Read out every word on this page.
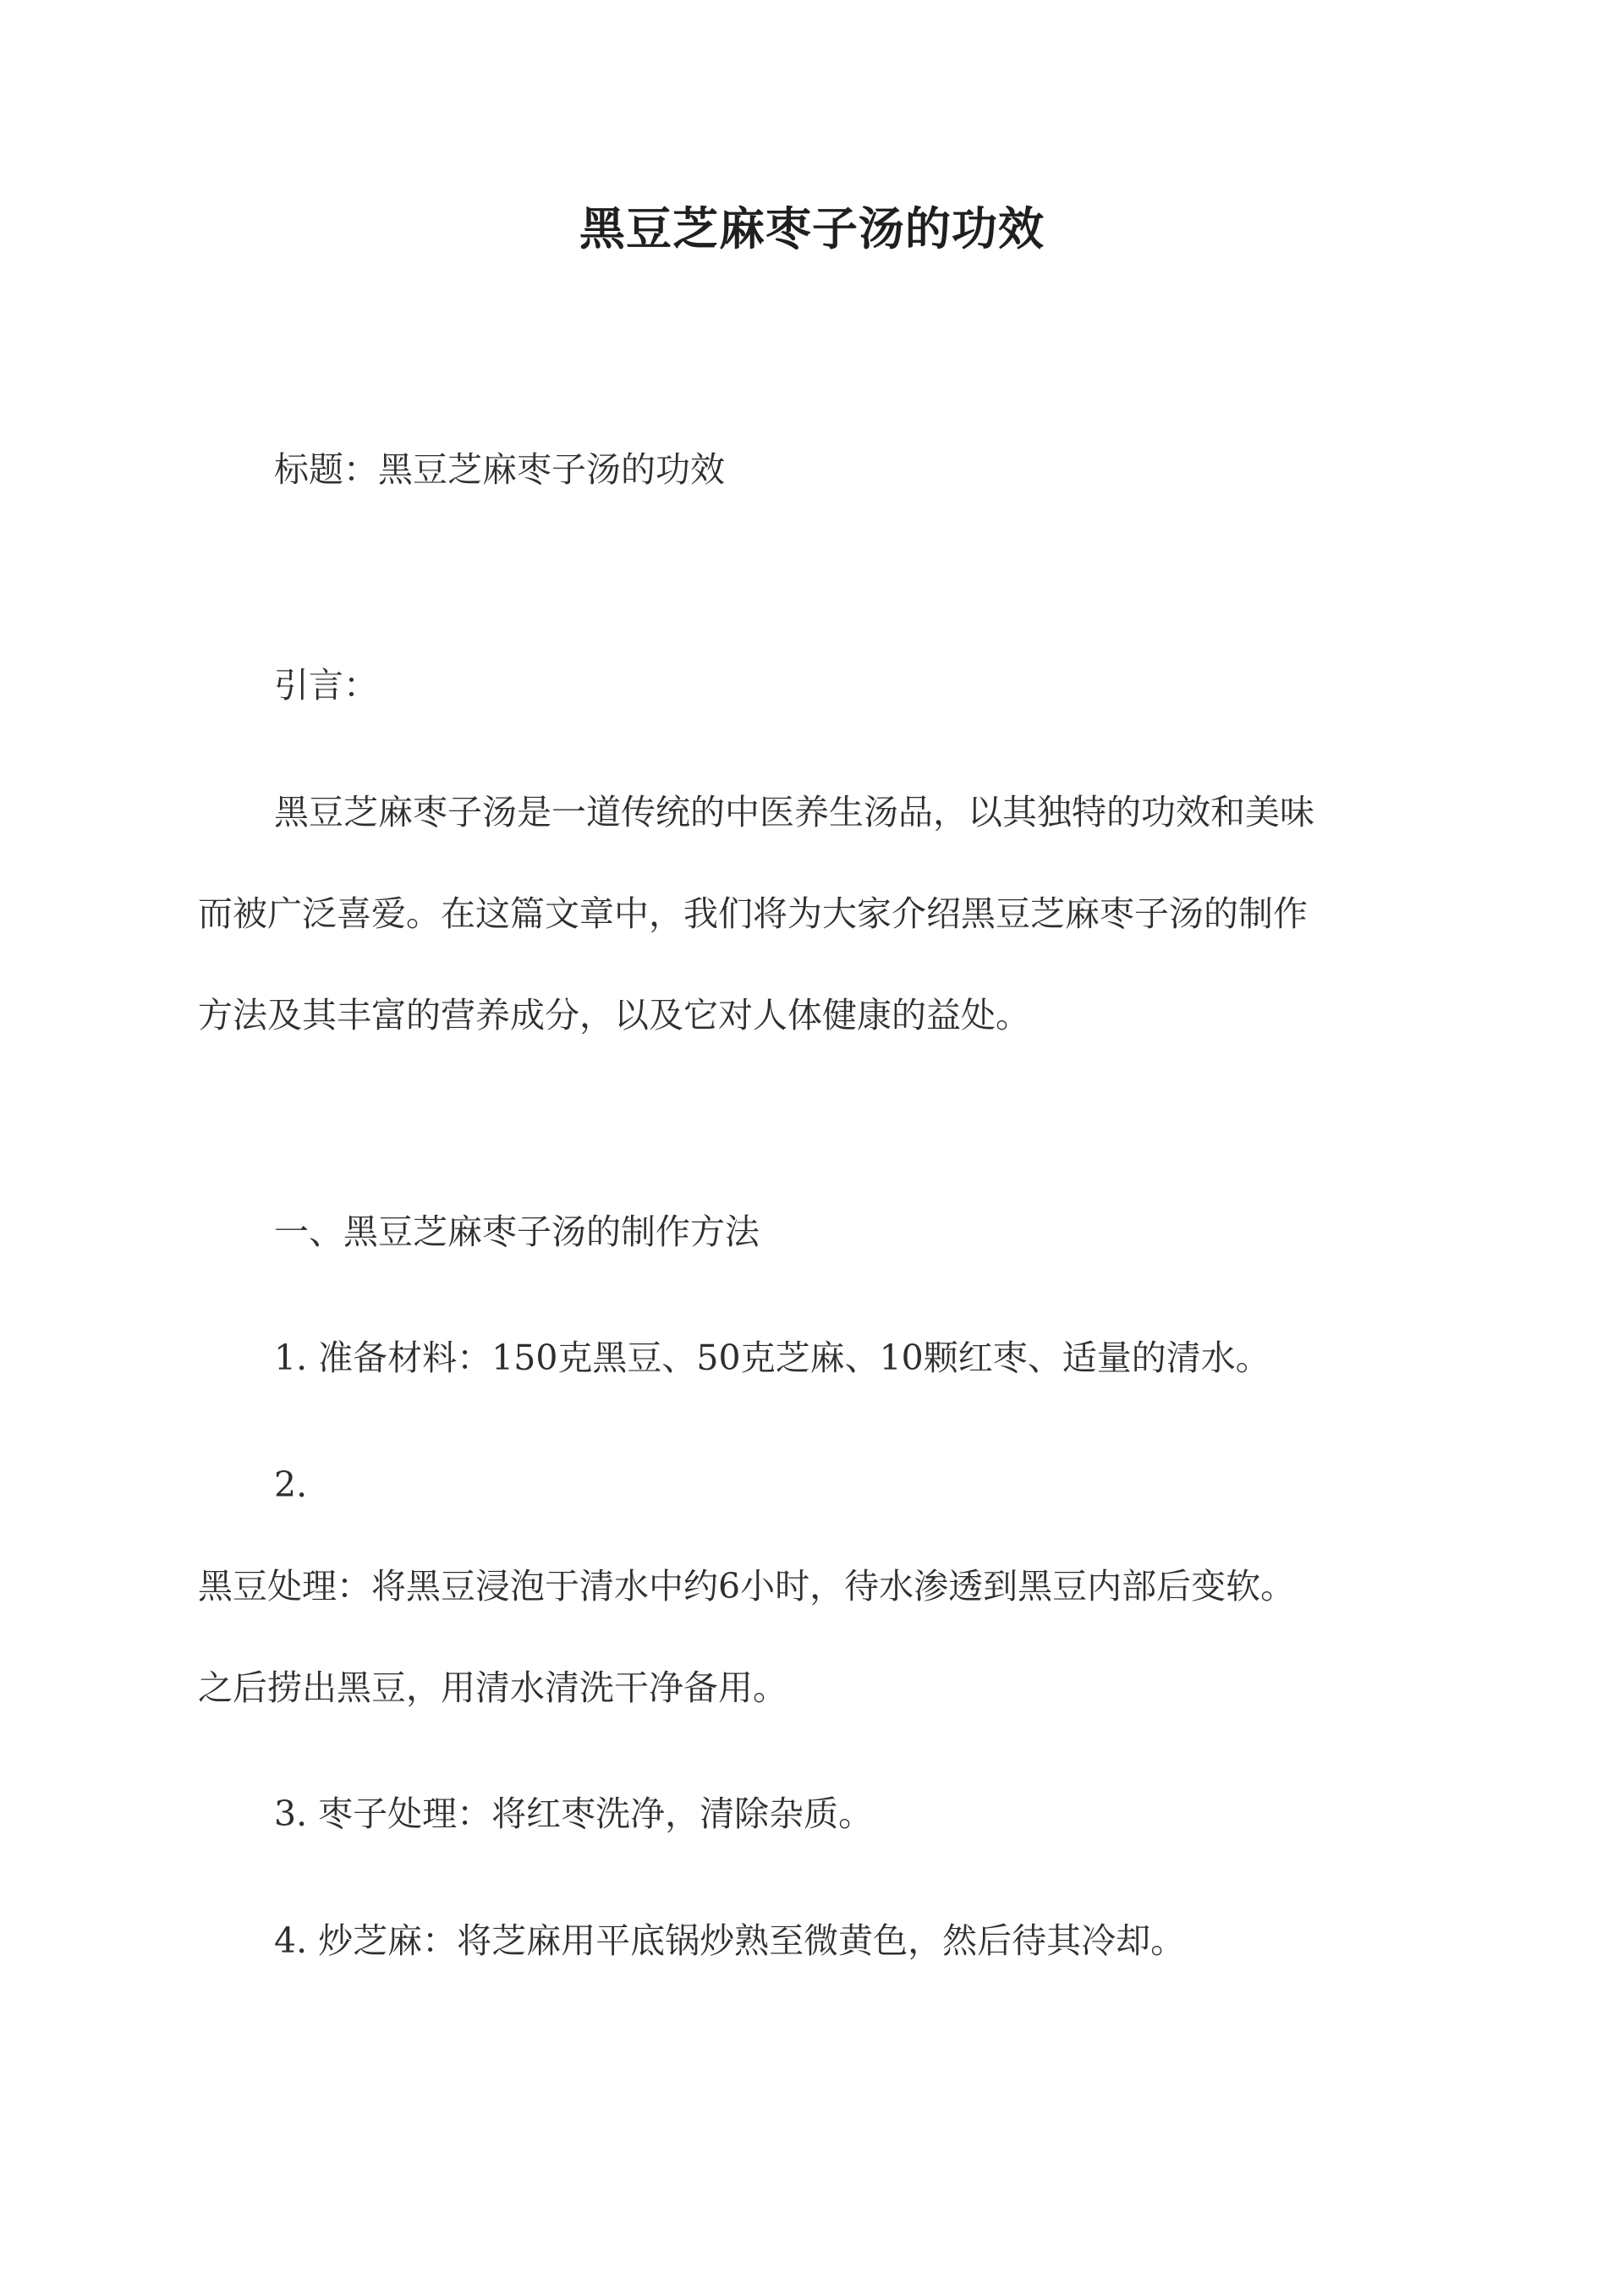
黑豆芝麻枣子汤的功效
标题：黑豆芝麻枣子汤的功效
引言：
黑豆芝麻枣子汤是一道传统的中医养生汤品，以其独特的功效和美味
而被广泛喜爱。在这篇文章中，我们将为大家介绍黑豆芝麻枣子汤的制作
方法及其丰富的营养成分，以及它对人体健康的益处。
一、黑豆芝麻枣子汤的制作方法
1. 准备材料：150克黑豆、50克芝麻、10颗红枣、适量的清水。
2.
黑豆处理：将黑豆浸泡于清水中约6小时，待水渗透到黑豆内部后变软。
之后捞出黑豆，用清水清洗干净备用。
3. 枣子处理：将红枣洗净，清除杂质。
4. 炒芝麻：将芝麻用平底锅炒熟至微黄色，然后待其冷却。
